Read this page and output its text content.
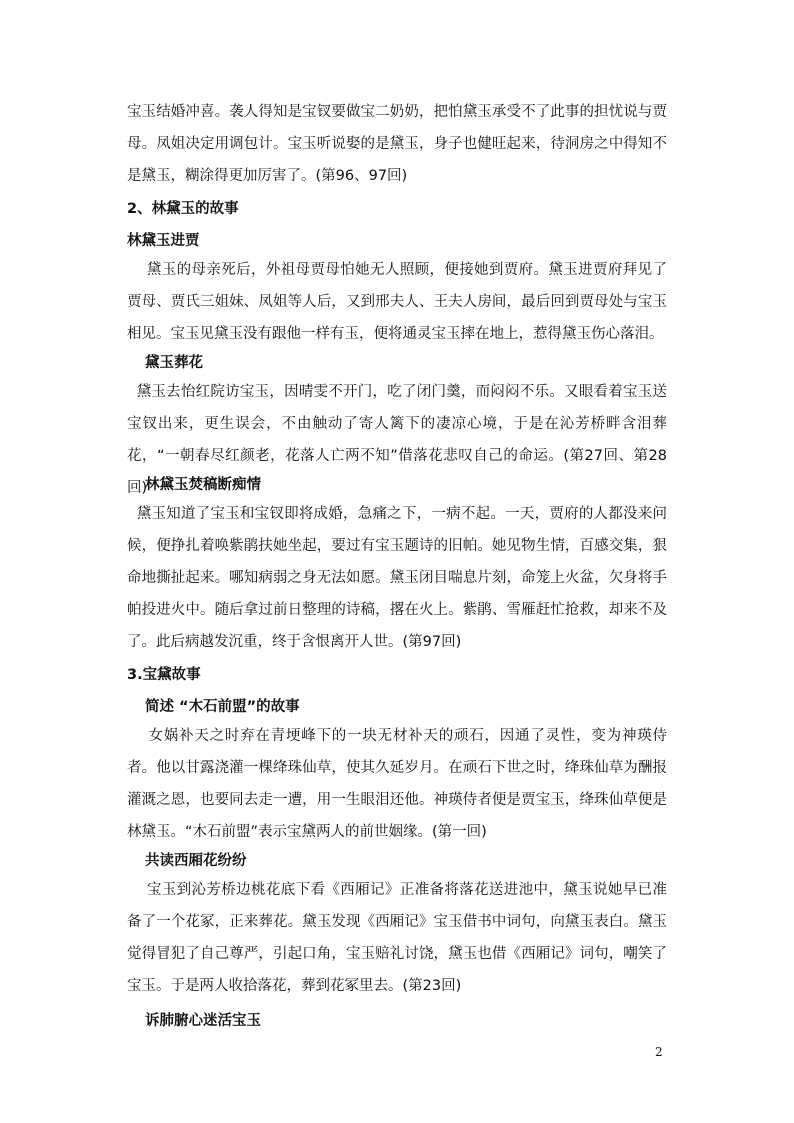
宝玉结婚冲喜。袭人得知是宝钗要做宝二奶奶，把怕黛玉承受不了此事的担忧说与贾母。凤姐决定用调包计。宝玉听说娶的是黛玉，身子也健旺起来，待洞房之中得知不是黛玉，糊涂得更加厉害了。(第96、97回)
2、林黛玉的故事
林黛玉进贾
黛玉的母亲死后，外祖母贾母怕她无人照顾，便接她到贾府。黛玉进贾府拜见了贾母、贾氏三姐妹、凤姐等人后，又到邢夫人、王夫人房间，最后回到贾母处与宝玉相见。宝玉见黛玉没有跟他一样有玉，便将通灵宝玉摔在地上，惹得黛玉伤心落泪。
黛玉葬花
黛玉去怡红院访宝玉，因晴雯不开门，吃了闭门羹，而闷闷不乐。又眼看着宝玉送宝钗出来，更生误会，不由触动了寄人篱下的凄凉心境，于是在沁芳桥畔含泪葬花，“一朝春尽红颜老，花落人亡两不知”借落花悲叹自己的命运。(第27回、第28回)
林黛玉焚稿断痴情
黛玉知道了宝玉和宝钗即将成婚，急痛之下，一病不起。一天，贾府的人都没来问候，便挣扎着唤紫鹃扶她坐起，要过有宝玉题诗的旧帕。她见物生情，百感交集，狠命地撕扯起来。哪知病弱之身无法如愿。黛玉闭目喘息片刻，命笼上火盆，欠身将手帕投进火中。随后拿过前日整理的诗稿，撂在火上。紫鹃、雪雁赶忙抢救，却来不及了。此后病越发沉重，终于含恨离开人世。(第97回)
3.宝黛故事
简述 “木石前盟”的故事
女娲补天之时弃在青埂峰下的一块无材补天的顽石，因通了灵性，变为神瑛侍者。他以甘露浇灌一棵绛珠仙草，使其久延岁月。在顽石下世之时，绛珠仙草为酬报灌溉之恩，也要同去走一遭，用一生眼泪还他。神瑛侍者便是贾宝玉，绛珠仙草便是林黛玉。“木石前盟”表示宝黛两人的前世姻缘。(第一回)
共读西厢花纷纷
宝玉到沁芳桥边桃花底下看《西厢记》正准备将落花送进池中，黛玉说她早已准备了一个花冢，正来葬花。黛玉发现《西厢记》宝玉借书中词句，向黛玉表白。黛玉觉得冒犯了自己尊严，引起口角，宝玉赔礼讨饶，黛玉也借《西厢记》词句，嘲笑了宝玉。于是两人收拾落花，葬到花冢里去。(第23回)
诉肺腑心迷活宝玉
2
